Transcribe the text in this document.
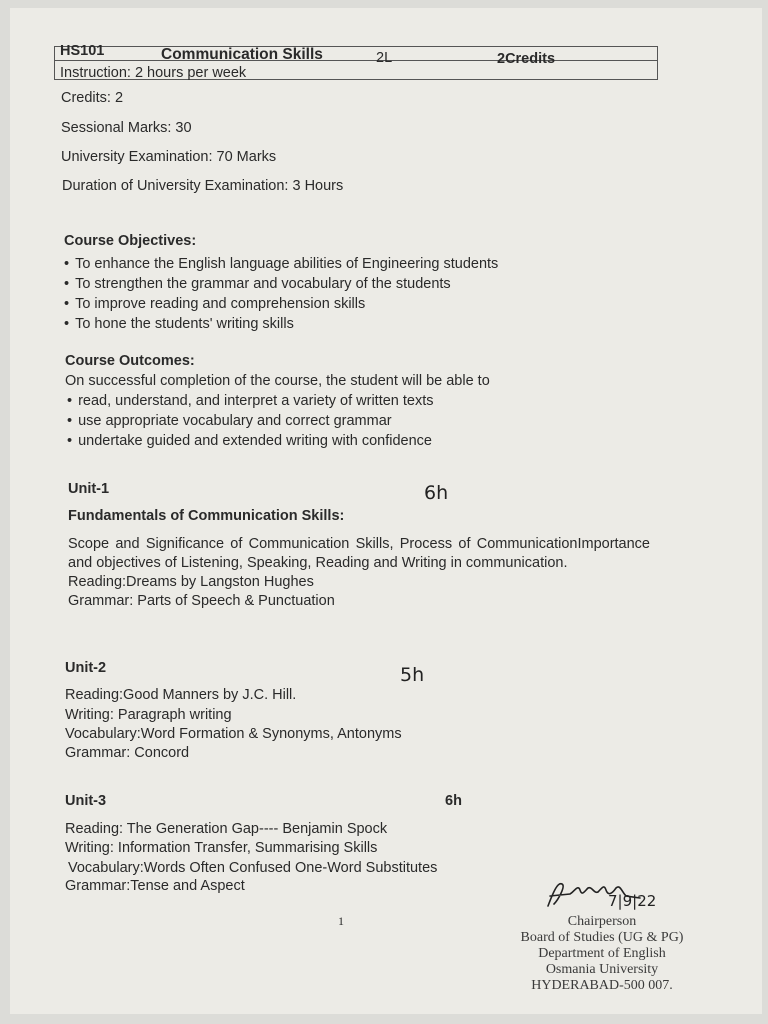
HS101	Communication Skills	2L	2Credits
Instruction: 2 hours per week
Credits: 2
Sessional Marks: 30
University Examination: 70 Marks
Duration of University Examination: 3 Hours
Course Objectives:
• To enhance the English language abilities of Engineering students
• To strengthen the grammar and vocabulary of the students
• To improve reading and comprehension skills
• To hone the students' writing skills
Course Outcomes:
On successful completion of the course, the student will be able to
• read, understand, and interpret a variety of written texts
• use appropriate vocabulary and correct grammar
• undertake guided and extended writing with confidence
Unit-1	6h
Fundamentals of Communication Skills:

Scope and Significance of Communication Skills, Process of CommunicationImportance and objectives of Listening, Speaking, Reading and Writing in communication.

Reading:Dreams by Langston Hughes

Grammar: Parts of Speech & Punctuation

Unit-2	5h
Reading:Good Manners by J.C. Hill.
Writing: Paragraph writing
Vocabulary:Word Formation & Synonyms, Antonyms
Grammar: Concord
Unit-3	6h
Reading: The Generation Gap---- Benjamin Spock
Writing: Information Transfer, Summarising Skills
Vocabulary:Words Often Confused One-Word Substitutes
Grammar:Tense and Aspect
1
7|9|22
Chairperson
Board of Studies (UG & PG)
Department of English
Osmania University
HYDERABAD-500 007.
